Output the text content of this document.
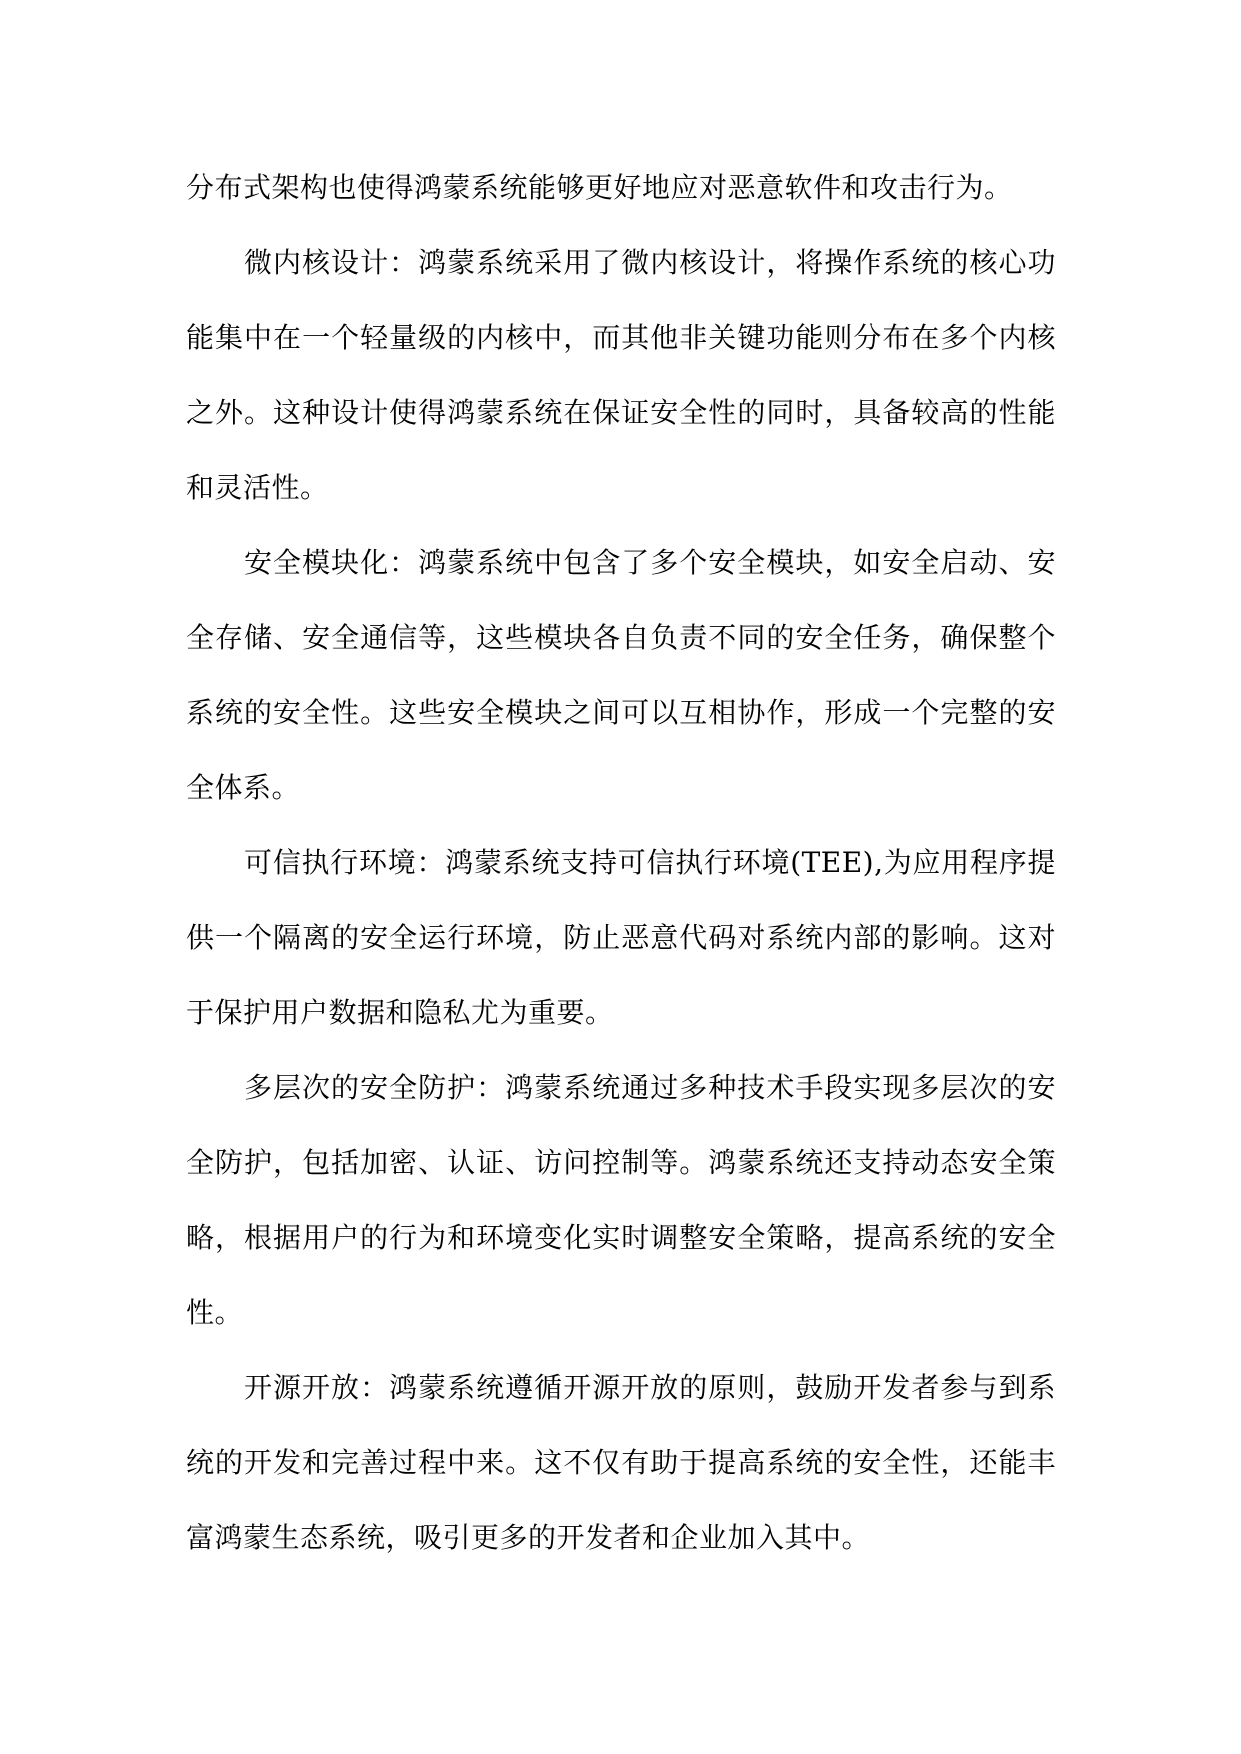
分布式架构也使得鸿蒙系统能够更好地应对恶意软件和攻击行为。

微内核设计：鸿蒙系统采用了微内核设计，将操作系统的核心功能集中在一个轻量级的内核中，而其他非关键功能则分布在多个内核之外。这种设计使得鸿蒙系统在保证安全性的同时，具备较高的性能和灵活性。

安全模块化：鸿蒙系统中包含了多个安全模块，如安全启动、安全存储、安全通信等，这些模块各自负责不同的安全任务，确保整个系统的安全性。这些安全模块之间可以互相协作，形成一个完整的安全体系。

可信执行环境：鸿蒙系统支持可信执行环境(TEE),为应用程序提供一个隔离的安全运行环境，防止恶意代码对系统内部的影响。这对于保护用户数据和隐私尤为重要。

多层次的安全防护：鸿蒙系统通过多种技术手段实现多层次的安全防护，包括加密、认证、访问控制等。鸿蒙系统还支持动态安全策略，根据用户的行为和环境变化实时调整安全策略，提高系统的安全性。

开源开放：鸿蒙系统遵循开源开放的原则，鼓励开发者参与到系统的开发和完善过程中来。这不仅有助于提高系统的安全性，还能丰富鸿蒙生态系统，吸引更多的开发者和企业加入其中。
